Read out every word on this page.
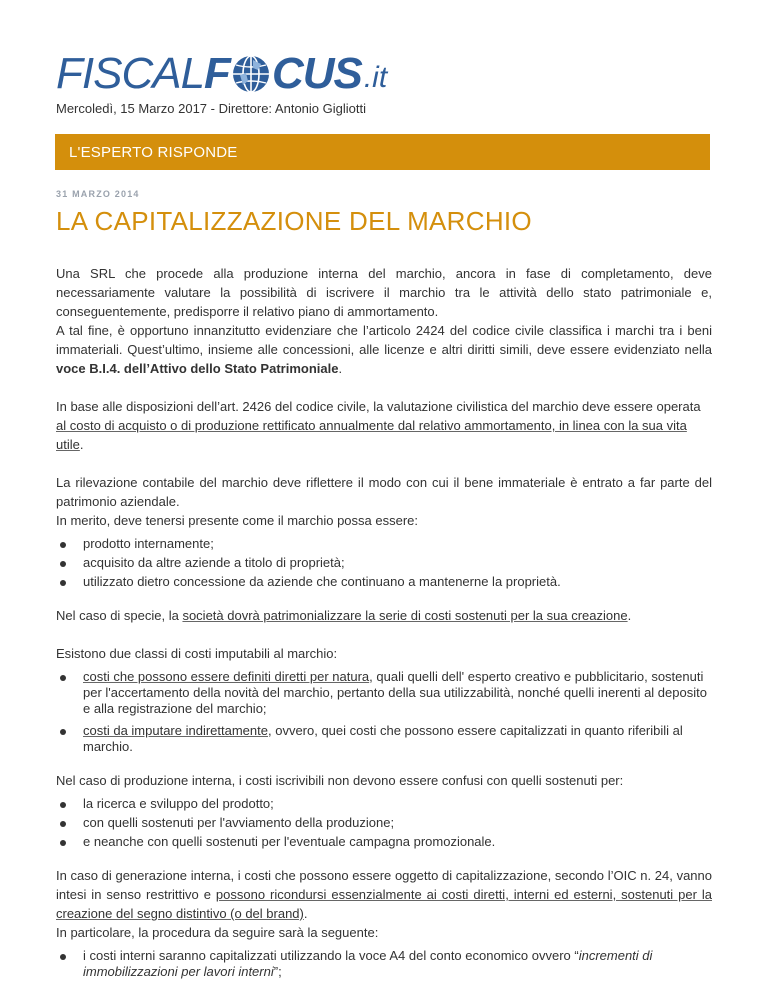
FISCAL F CUS .it
Mercoledì, 15 Marzo 2017 - Direttore: Antonio Gigliotti
L'ESPERTO RISPONDE
31 MARZO 2014
LA CAPITALIZZAZIONE DEL MARCHIO

Una SRL che procede alla produzione interna del marchio, ancora in fase di completamento, deve necessariamente valutare la possibilità di iscrivere il marchio tra le attività dello stato patrimoniale e, conseguentemente, predisporre il relativo piano di ammortamento.

A tal fine, è opportuno innanzitutto evidenziare che l’articolo 2424 del codice civile classifica i marchi tra i beni immateriali. Quest’ultimo, insieme alle concessioni, alle licenze e altri diritti simili, deve essere evidenziato nella voce B.I.4. dell’Attivo dello Stato Patrimoniale.

In base alle disposizioni dell’art. 2426 del codice civile, la valutazione civilistica del marchio deve essere operata al costo di acquisto o di produzione rettificato annualmente dal relativo ammortamento, in linea con la sua vita utile.

La rilevazione contabile del marchio deve riflettere il modo con cui il bene immateriale è entrato a far parte del patrimonio aziendale.

In merito, deve tenersi presente come il marchio possa essere:

prodotto internamente;
acquisito da altre aziende a titolo di proprietà;
utilizzato dietro concessione da aziende che continuano a mantenerne la proprietà.

Nel caso di specie, la società dovrà patrimonializzare la serie di costi sostenuti per la sua creazione.

Esistono due classi di costi imputabili al marchio:

costi che possono essere definiti diretti per natura, quali quelli dell' esperto creativo e pubblicitario, sostenuti per l'accertamento della novità del marchio, pertanto della sua utilizzabilità, nonché quelli inerenti al deposito e alla registrazione del marchio;
costi da imputare indirettamente, ovvero, quei costi che possono essere capitalizzati in quanto riferibili al marchio.

Nel caso di produzione interna, i costi iscrivibili non devono essere confusi con quelli sostenuti per:

la ricerca e sviluppo del prodotto;
con quelli sostenuti per l'avviamento della produzione;
e neanche con quelli sostenuti per l'eventuale campagna promozionale.

In caso di generazione interna, i costi che possono essere oggetto di capitalizzazione, secondo l’OIC n. 24, vanno intesi in senso restrittivo e possono ricondursi essenzialmente ai costi diretti, interni ed esterni, sostenuti per la creazione del segno distintivo (o del brand).

In particolare, la procedura da seguire sarà la seguente:

i costi interni saranno capitalizzati utilizzando la voce A4 del conto economico ovvero “incrementi di immobilizzazioni per lavori interni”;
